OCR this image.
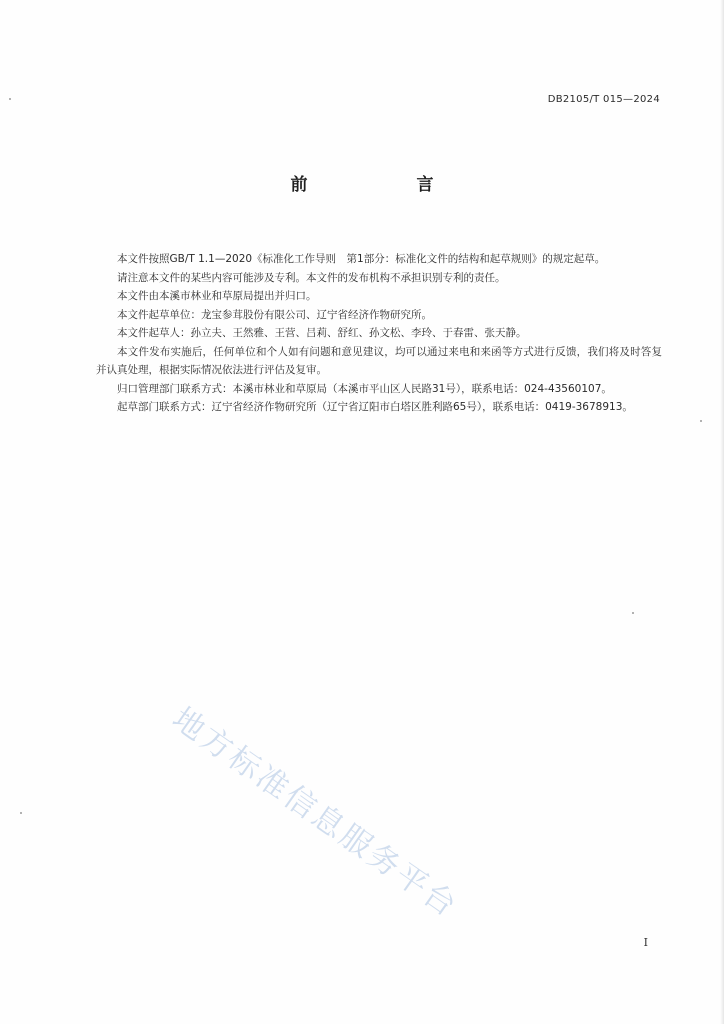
DB2105/T 015—2024
前　言

本文件按照GB/T 1.1—2020《标准化工作导则　第1部分：标准化文件的结构和起草规则》的规定起草。

请注意本文件的某些内容可能涉及专利。本文件的发布机构不承担识别专利的责任。

本文件由本溪市林业和草原局提出并归口。

本文件起草单位：龙宝参茸股份有限公司、辽宁省经济作物研究所。

本文件起草人：孙立夫、王然雅、王营、吕莉、舒红、孙文松、李玲、于春雷、张天静。

本文件发布实施后，任何单位和个人如有问题和意见建议，均可以通过来电和来函等方式进行反馈，我们将及时答复并认真处理，根据实际情况依法进行评估及复审。

归口管理部门联系方式：本溪市林业和草原局（本溪市平山区人民路31号），联系电话：024-43560107。

起草部门联系方式：辽宁省经济作物研究所（辽宁省辽阳市白塔区胜利路65号），联系电话：0419-3678913。

地方标准信息服务平台
I
